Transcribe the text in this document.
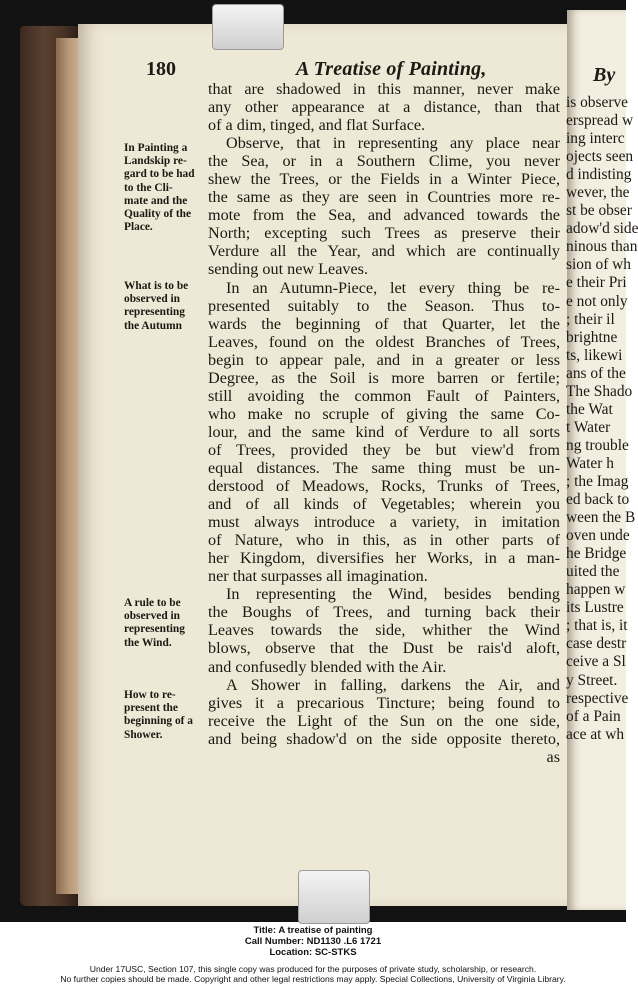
180	A Treatise of Painting,	By
that are shadowed in this manner, never make
any other appearance at a distance, than that
of a dim, tinged, and flat Surface.
Observe, that in representing any place near
the Sea, or in a Southern Clime, you never
shew the Trees, or the Fields in a Winter Piece,
the same as they are seen in Countries more re-
mote from the Sea, and advanced towards the
North; excepting such Trees as preserve their
Verdure all the Year, and which are continually
sending out new Leaves.
In an Autumn-Piece, let every thing be re-
presented suitably to the Season. Thus to-
wards the beginning of that Quarter, let the
Leaves, found on the oldest Branches of Trees,
begin to appear pale, and in a greater or less
Degree, as the Soil is more barren or fertile;
still avoiding the common Fault of Painters,
who make no scruple of giving the same Co-
lour, and the same kind of Verdure to all sorts
of Trees, provided they be but view'd from
equal distances. The same thing must be un-
derstood of Meadows, Rocks, Trunks of Trees,
and of all kinds of Vegetables; wherein you
must always introduce a variety, in imitation
of Nature, who in this, as in other parts of
her Kingdom, diversifies her Works, in a man-
ner that surpasses all imagination.
In representing the Wind, besides bending
the Boughs of Trees, and turning back their
Leaves towards the side, whither the Wind
blows, observe that the Dust be rais'd aloft,
and confusedly blended with the Air.
A Shower in falling, darkens the Air, and
gives it a precarious Tincture; being found to
receive the Light of the Sun on the one side,
and being shadow'd on the side opposite thereto,
as
In Painting a
Landskip re-
gard to be had
to the Cli-
mate and the
Quality of the
Place.
What is to be
observed in
representing
the Autumn
A rule to be
observed in
representing
the Wind.
How to re-
present the
beginning of a
Shower.
is observe
erspread w
ing interc
ojects seen
d indisting
wever, the
st be obser
adow'd side
ninous than
sion of wh
e their Pri
e not only
; their il
brightne
ts, likewi
ans of the
The Shado
the Wat
t Water
ng trouble
Water h
; the Imag
ed back to
ween the B
oven unde
he Bridge
uited the
happen w
its Lustre
; that is, it
case destr
ceive a Sl
y Street.
respective
of a Pain
ace at wh
Title: A treatise of painting
Call Number: ND1130 .L6 1721
Location: SC-STKS
Under 17USC, Section 107, this single copy was produced for the purposes of private study, scholarship, or research.
No further copies should be made. Copyright and other legal restrictions may apply. Special Collections, University of Virginia Library.
